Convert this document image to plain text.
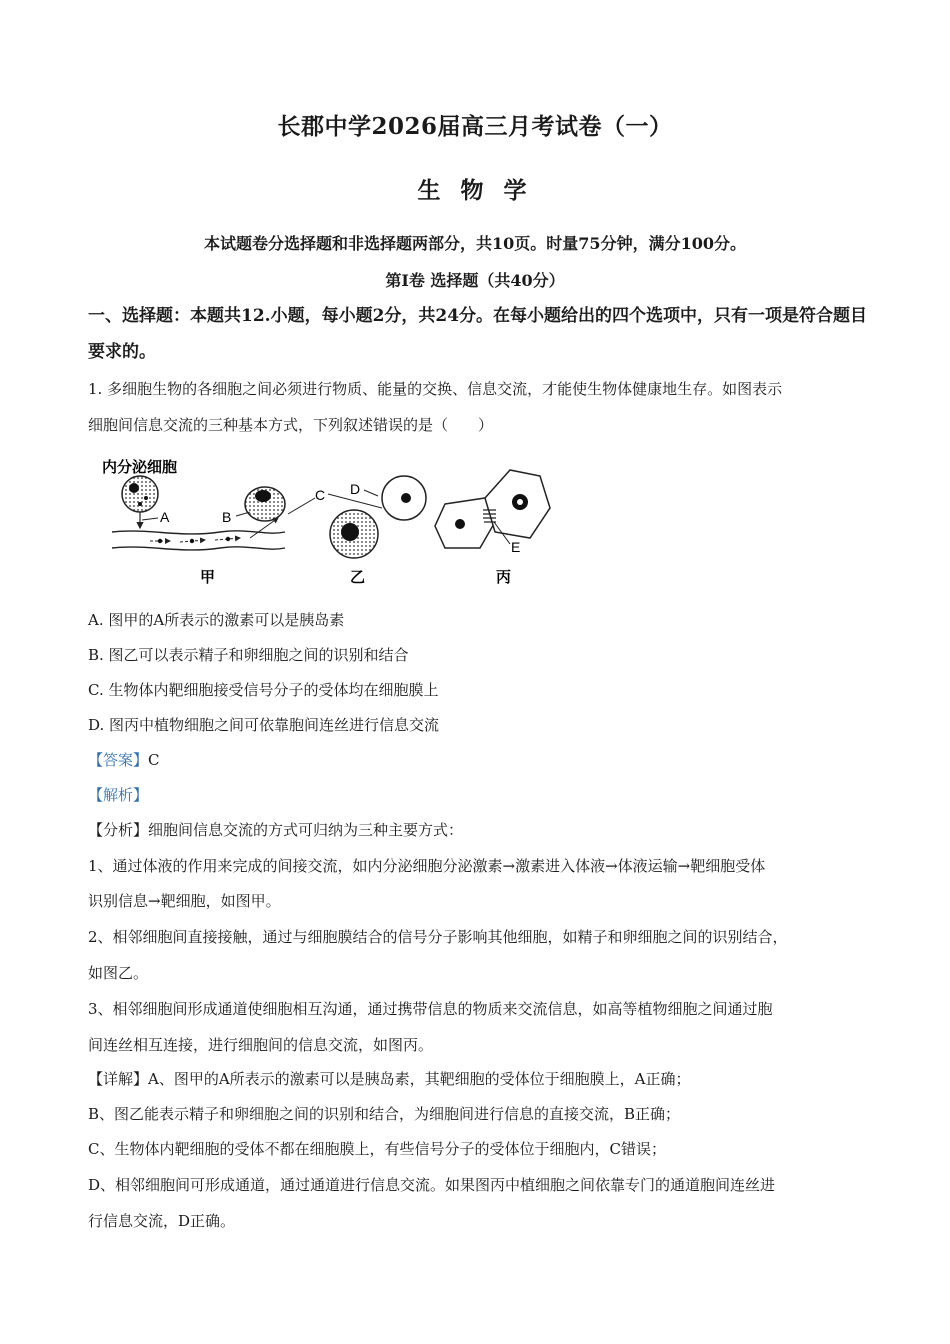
长郡中学2026届高三月考试卷（一）
生 物 学
本试题卷分选择题和非选择题两部分，共10页。时量75分钟，满分100分。
第Ⅰ卷 选择题（共40分）
一、选择题：本题共12.小题，每小题2分，共24分。在每小题给出的四个选项中，只有一项是符合题目要求的。
1. 多细胞生物的各细胞之间必须进行物质、能量的交换、信息交流，才能使生物体健康地生存。如图表示
细胞间信息交流的三种基本方式，下列叙述错误的是（　　）
内分泌细胞
A	B
甲
C D
乙
E
丙
A. 图甲的A所表示的激素可以是胰岛素
B. 图乙可以表示精子和卵细胞之间的识别和结合
C. 生物体内靶细胞接受信号分子的受体均在细胞膜上
D. 图丙中植物细胞之间可依靠胞间连丝进行信息交流
【答案】C
【解析】
【分析】细胞间信息交流的方式可归纳为三种主要方式：
1、通过体液的作用来完成的间接交流，如内分泌细胞分泌激素→激素进入体液→体液运输→靶细胞受体
识别信息→靶细胞，如图甲。
2、相邻细胞间直接接触，通过与细胞膜结合的信号分子影响其他细胞，如精子和卵细胞之间的识别结合，
如图乙。
3、相邻细胞间形成通道使细胞相互沟通，通过携带信息的物质来交流信息，如高等植物细胞之间通过胞
间连丝相互连接，进行细胞间的信息交流，如图丙。
【详解】A、图甲的A所表示的激素可以是胰岛素，其靶细胞的受体位于细胞膜上，A正确；
B、图乙能表示精子和卵细胞之间的识别和结合，为细胞间进行信息的直接交流，B正确；
C、生物体内靶细胞的受体不都在细胞膜上，有些信号分子的受体位于细胞内，C错误；
D、相邻细胞间可形成通道，通过通道进行信息交流。如果图丙中植细胞之间依靠专门的通道胞间连丝进
行信息交流，D正确。
